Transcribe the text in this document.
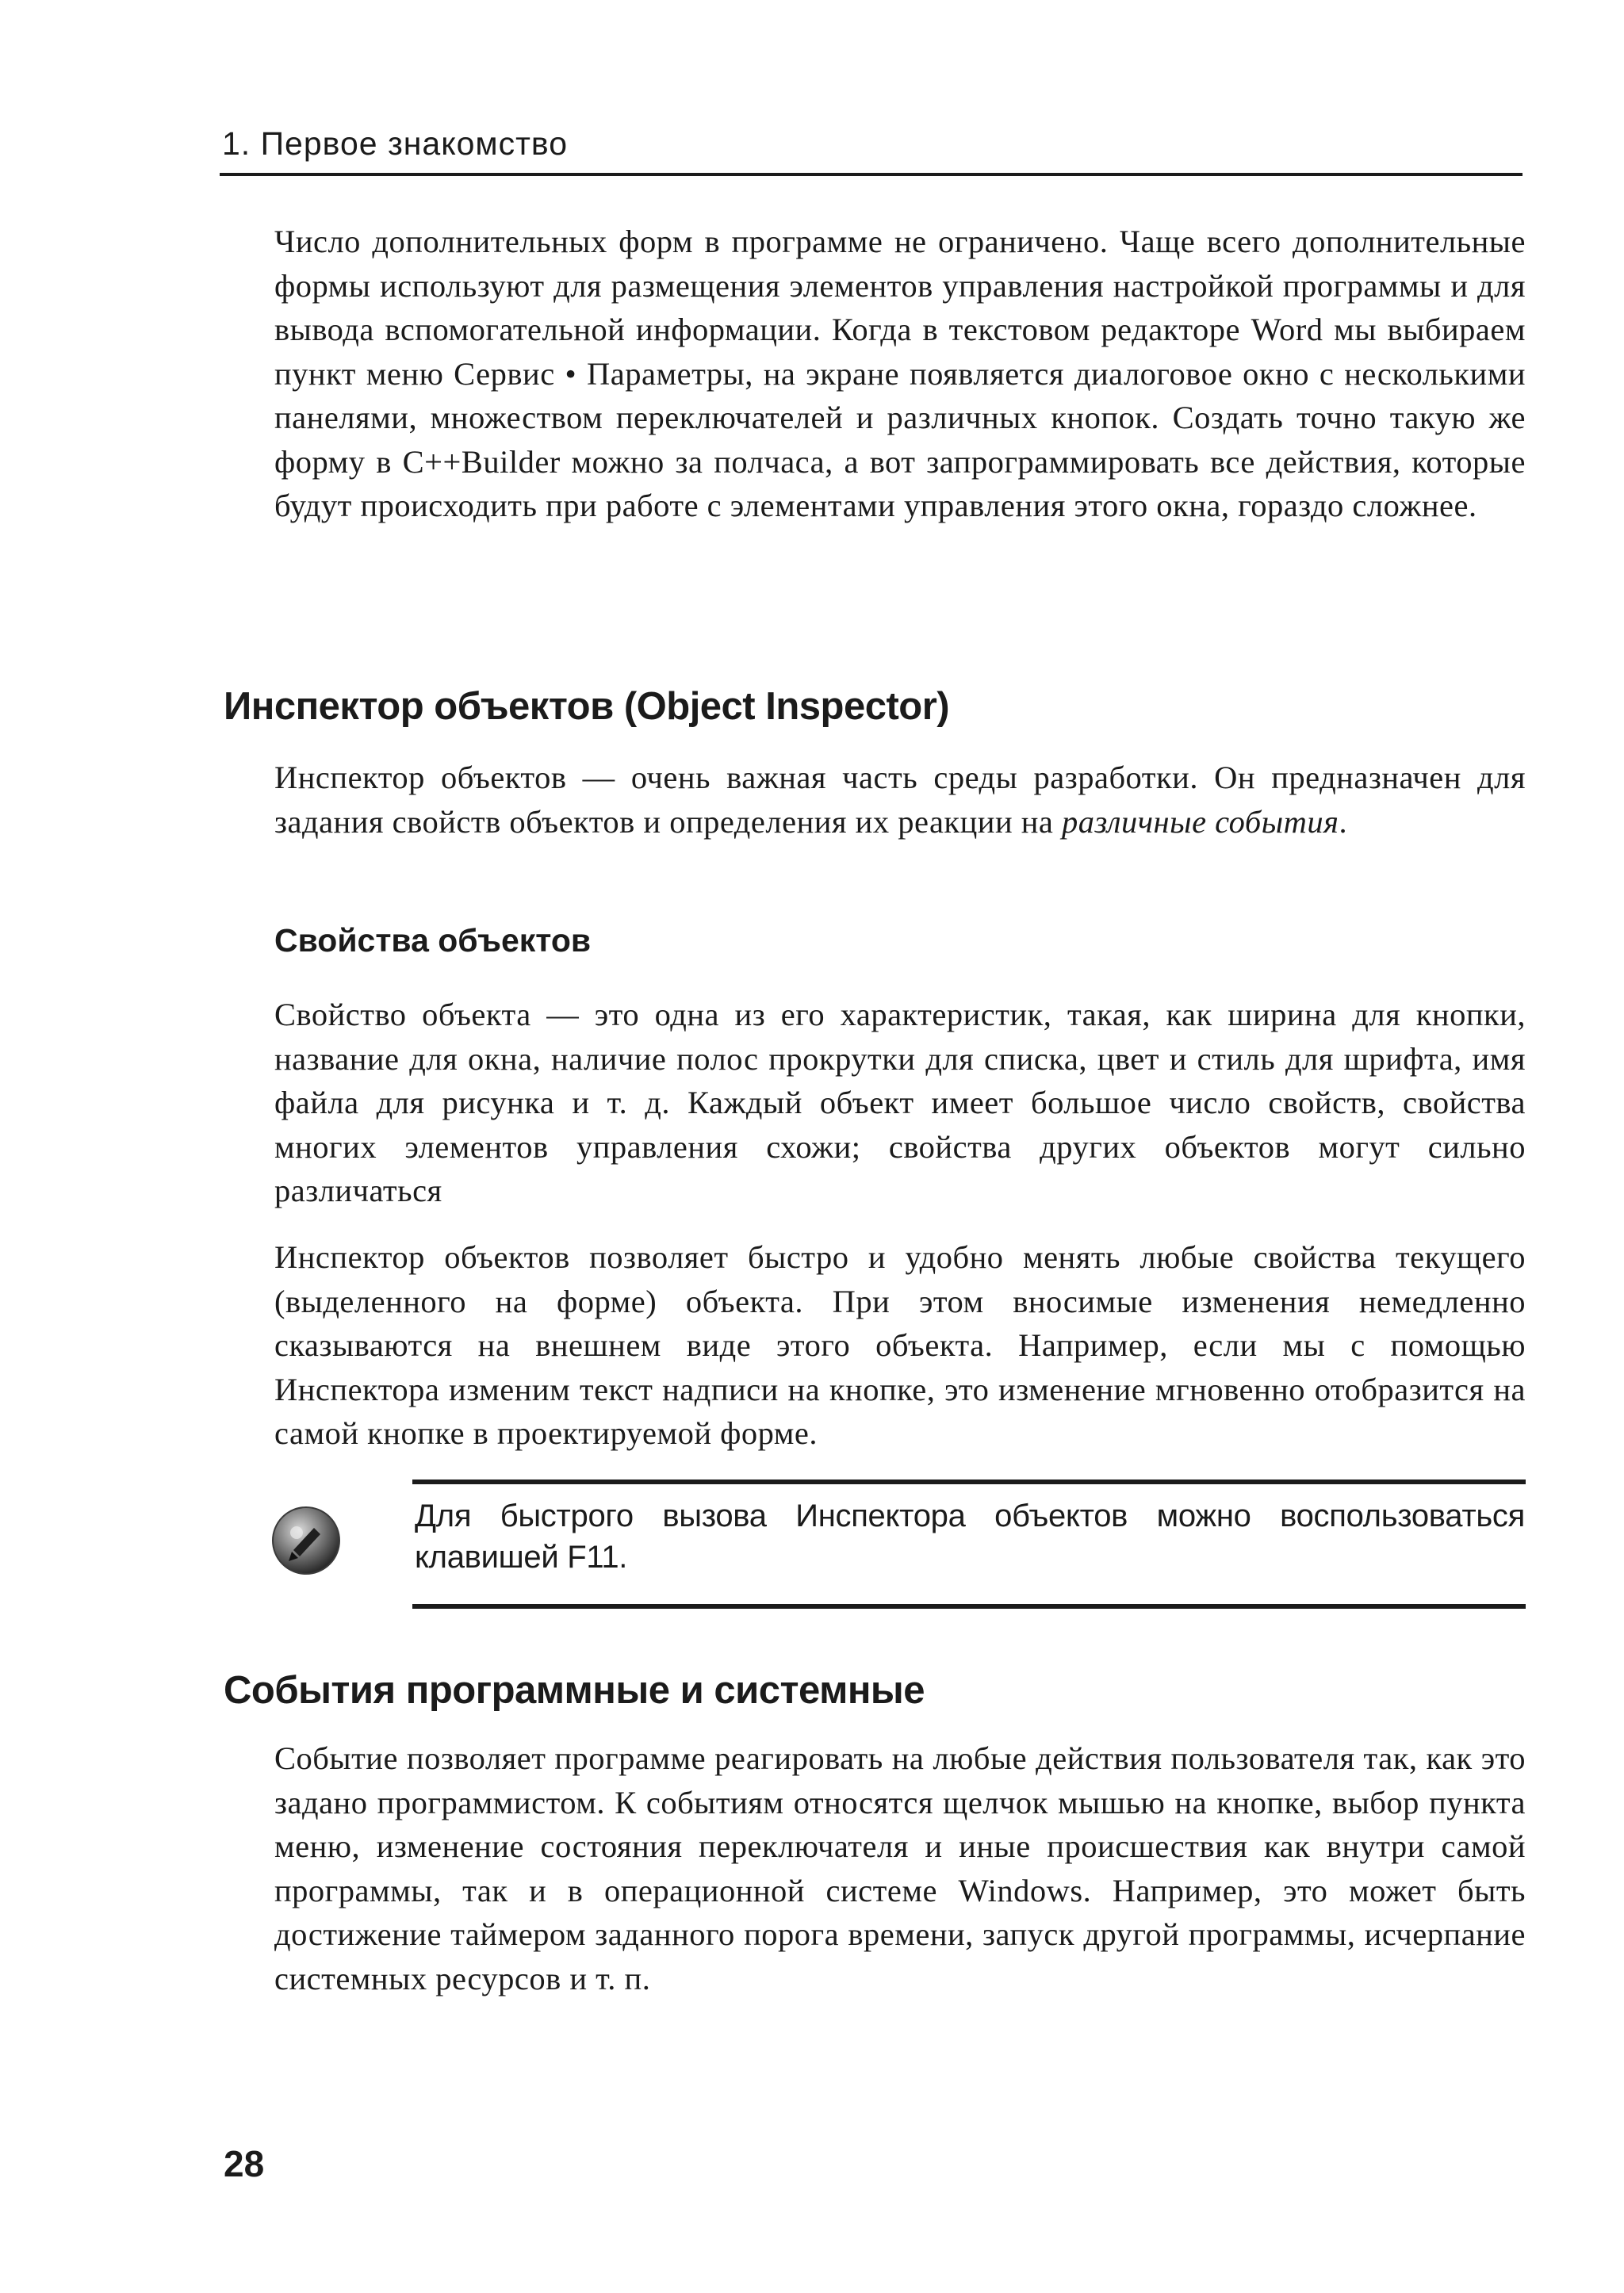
1. Первое знакомство

Число дополнительных форм в программе не ограничено. Чаще всего дополнительные формы используют для размещения элементов управления настройкой программы и для вывода вспомогательной информации. Когда в текстовом редакторе Word мы выбираем пункт меню Сервис • Параметры, на экране появляется диалоговое окно с несколькими панелями, множеством переключателей и различных кнопок. Создать точно такую же форму в C++Builder можно за полчаса, а вот запрограммировать все действия, которые будут происходить при работе с элементами управления этого окна, гораздо сложнее.

Инспектор объектов (Object Inspector)

Инспектор объектов — очень важная часть среды разработки. Он предназначен для задания свойств объектов и определения их реакции на различные события.

Свойства объектов

Свойство объекта — это одна из его характеристик, такая, как ширина для кнопки, название для окна, наличие полос прокрутки для списка, цвет и стиль для шрифта, имя файла для рисунка и т. д. Каждый объект имеет большое число свойств, свойства многих элементов управления схожи; свойства других объектов могут сильно различаться

Инспектор объектов позволяет быстро и удобно менять любые свойства текущего (выделенного на форме) объекта. При этом вносимые изменения немедленно сказываются на внешнем виде этого объекта. Например, если мы с помощью Инспектора изменим текст надписи на кнопке, это изменение мгновенно отобразится на самой кнопке в проектируемой форме.

Для быстрого вызова Инспектора объектов можно воспользоваться клавишей F11.

События программные и системные

Событие позволяет программе реагировать на любые действия пользователя так, как это задано программистом. К событиям относятся щелчок мышью на кнопке, выбор пункта меню, изменение состояния переключателя и иные происшествия как внутри самой программы, так и в операционной системе Windows. Например, это может быть достижение таймером заданного порога времени, запуск другой программы, исчерпание системных ресурсов и т. п.

28
